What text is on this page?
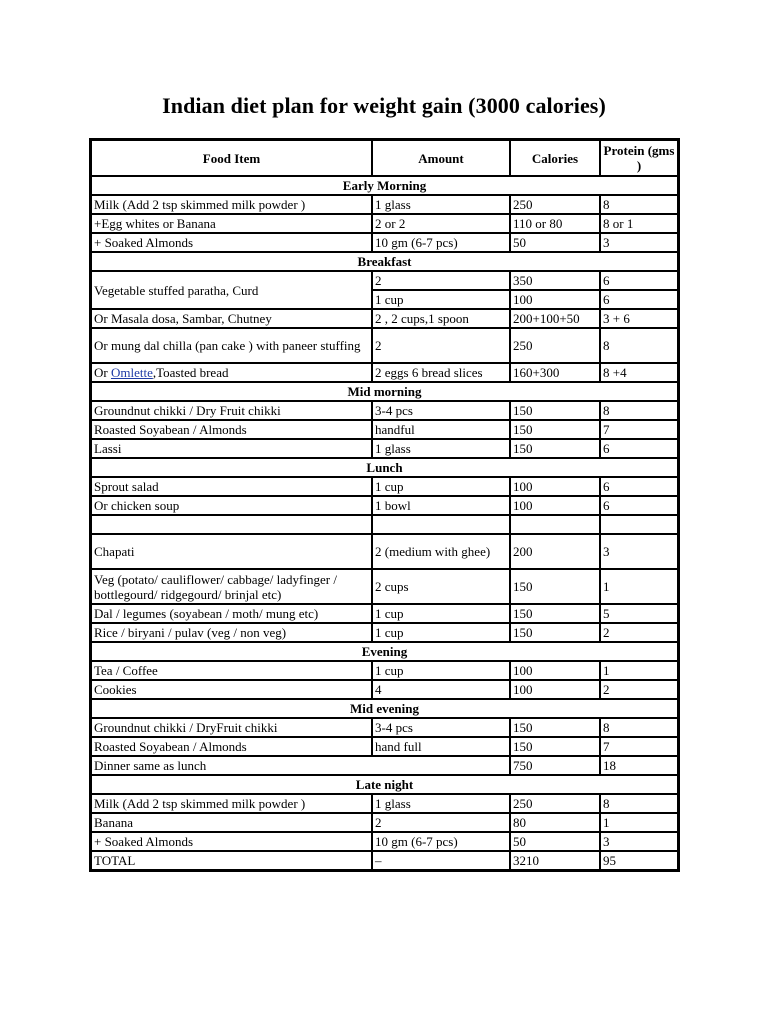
Indian diet plan for weight gain (3000 calories)
Food Item	Amount	Calories	Protein (gms )
Early Morning			
Milk (Add 2 tsp skimmed milk powder )	1 glass	250	8
+Egg whites or Banana	2 or 2	110 or 80	8 or 1
+ Soaked Almonds	10 gm (6-7 pcs)	50	3
Breakfast			
Vegetable stuffed paratha, Curd	2	350	6
	1 cup	100	6
Or Masala dosa, Sambar, Chutney	2 , 2 cups,1 spoon	200+100+50	3 + 6
Or mung dal chilla (pan cake ) with paneer stuffing	2	250	8
Or Omlette,Toasted bread	2 eggs 6 bread slices	160+300	8 +4
Mid morning			
Groundnut chikki / Dry Fruit chikki	3-4 pcs	150	8
Roasted Soyabean / Almonds	handful	150	7
Lassi	1 glass	150	6
Lunch			
Sprout salad	1 cup	100	6
Or chicken soup	1 bowl	100	6

Chapati	2 (medium with ghee)	200	3
Veg (potato/ cauliflower/ cabbage/ ladyfinger / bottlegourd/ ridgegourd/ brinjal etc)	2 cups	150	1
Dal / legumes (soyabean / moth/ mung etc)	1 cup	150	5
Rice / biryani / pulav (veg / non veg)	1 cup	150	2
Evening			
Tea / Coffee	1 cup	100	1
Cookies	4	100	2
Mid evening			
Groundnut chikki / DryFruit chikki	3-4 pcs	150	8
Roasted Soyabean / Almonds	hand full	150	7
Dinner same as lunch		750	18
Late night			
Milk (Add 2 tsp skimmed milk powder )	1 glass	250	8
Banana	2	80	1
+ Soaked Almonds	10 gm (6-7 pcs)	50	3
TOTAL	–	3210	95
